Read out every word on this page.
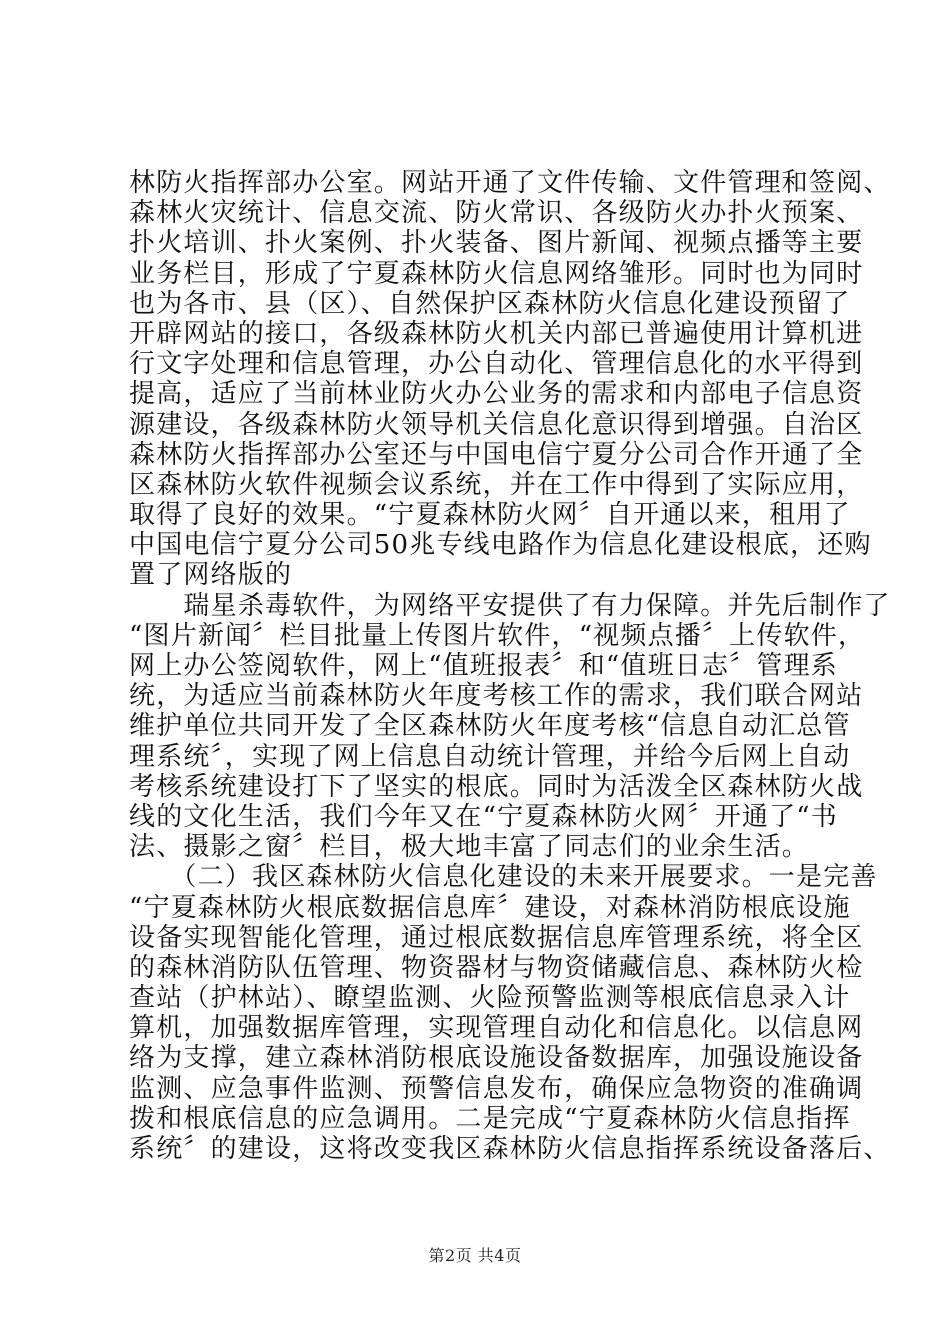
林防火指挥部办公室。网站开通了文件传输、文件管理和签阅、
森林火灾统计、信息交流、防火常识、各级防火办扑火预案、
扑火培训、扑火案例、扑火装备、图片新闻、视频点播等主要
业务栏目，形成了宁夏森林防火信息网络雏形。同时也为同时
也为各市、县（区）、自然保护区森林防火信息化建设预留了
开辟网站的接口，各级森林防火机关内部已普遍使用计算机进
行文字处理和信息管理，办公自动化、管理信息化的水平得到
提高，适应了当前林业防火办公业务的需求和内部电子信息资
源建设，各级森林防火领导机关信息化意识得到增强。自治区
森林防火指挥部办公室还与中国电信宁夏分公司合作开通了全
区森林防火软件视频会议系统，并在工作中得到了实际应用，
取得了良好的效果。“宁夏森林防火网〞自开通以来，租用了
中国电信宁夏分公司50兆专线电路作为信息化建设根底，还购
置了网络版的
　　瑞星杀毒软件，为网络平安提供了有力保障。并先后制作了
“图片新闻〞栏目批量上传图片软件，“视频点播〞上传软件，
网上办公签阅软件，网上“值班报表〞和“值班日志〞管理系
统，为适应当前森林防火年度考核工作的需求，我们联合网站
维护单位共同开发了全区森林防火年度考核“信息自动汇总管
理系统〞，实现了网上信息自动统计管理，并给今后网上自动
考核系统建设打下了坚实的根底。同时为活泼全区森林防火战
线的文化生活，我们今年又在“宁夏森林防火网〞开通了“书
法、摄影之窗〞栏目，极大地丰富了同志们的业余生活。
　　（二）我区森林防火信息化建设的未来开展要求。一是完善
“宁夏森林防火根底数据信息库〞建设，对森林消防根底设施
设备实现智能化管理，通过根底数据信息库管理系统，将全区
的森林消防队伍管理、物资器材与物资储藏信息、森林防火检
查站（护林站）、瞭望监测、火险预警监测等根底信息录入计
算机，加强数据库管理，实现管理自动化和信息化。以信息网
络为支撑，建立森林消防根底设施设备数据库，加强设施设备
监测、应急事件监测、预警信息发布，确保应急物资的准确调
拨和根底信息的应急调用。二是完成“宁夏森林防火信息指挥
系统〞的建设，这将改变我区森林防火信息指挥系统设备落后、
第2页 共4页
